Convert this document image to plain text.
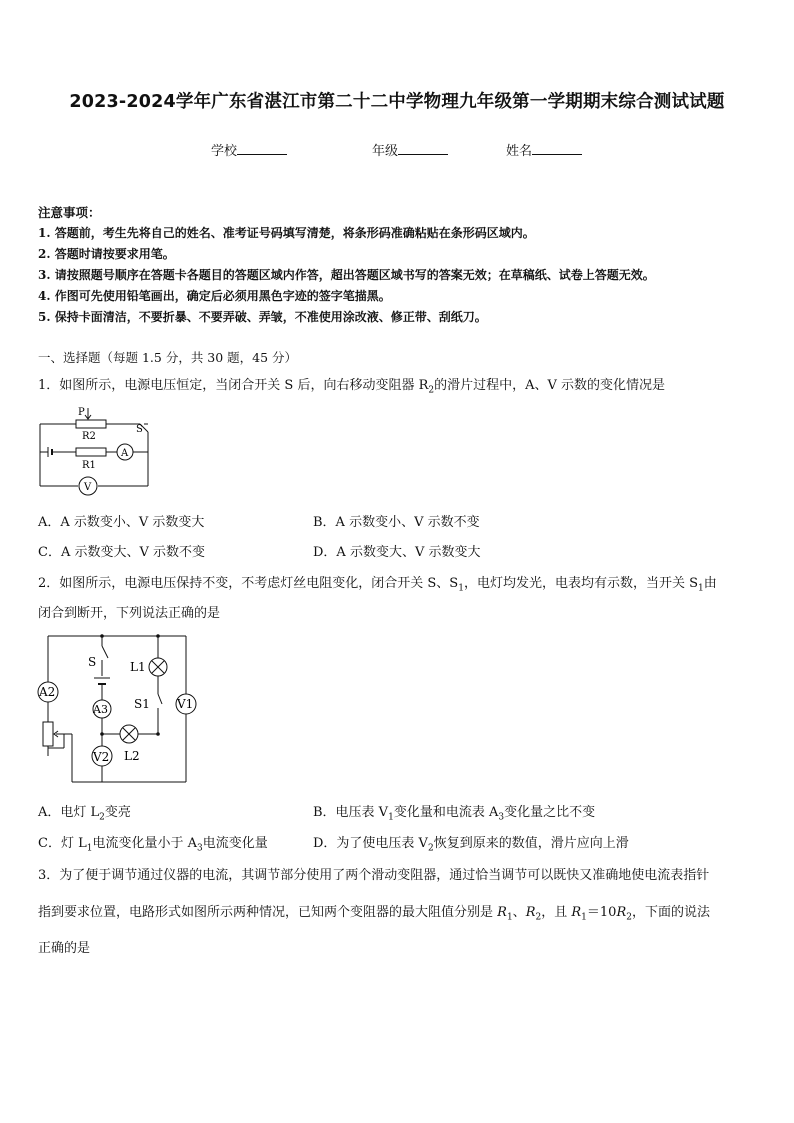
2023-2024学年广东省湛江市第二十二中学物理九年级第一学期期末综合测试试题
学校	年级	姓名
注意事项：
1. 答题前，考生先将自己的姓名、准考证号码填写清楚，将条形码准确粘贴在条形码区域内。
2. 答题时请按要求用笔。
3. 请按照题号顺序在答题卡各题目的答题区域内作答，超出答题区域书写的答案无效；在草稿纸、试卷上答题无效。
4. 作图可先使用铅笔画出，确定后必须用黑色字迹的签字笔描黑。
5. 保持卡面清洁，不要折暴、不要弄破、弄皱，不准使用涂改液、修正带、刮纸刀。
一、选择题（每题 1.5 分，共 30 题，45 分）
1．如图所示，电源电压恒定，当闭合开关 S 后，向右移动变阻器 $R_2$的滑片过程中，A、V 示数的变化情况是
P
R2
S
A
R1
V
A．A 示数变小、V 示数变大	B．A 示数变小、V 示数不变
C．A 示数变大、V 示数不变	D．A 示数变大、V 示数变大
2．如图所示，电源电压保持不变，不考虑灯丝电阻变化，闭合开关 S、$S_1$，电灯均发光，电表均有示数，当开关 $S_1$由
闭合到断开，下列说法正确的是
S	L1
S1
A2
A3	V1
V2 L2
A．电灯 $L_2$变亮	B．电压表 $V_1$变化量和电流表 $A_3$变化量之比不变
C．灯 $L_1$电流变化量小于 $A_3$电流变化量	D．为了使电压表 $V_2$恢复到原来的数值，滑片应向上滑
3．为了便于调节通过仪器的电流，其调节部分使用了两个滑动变阻器，通过恰当调节可以既快又准确地使电流表指针
指到要求位置，电路形式如图所示两种情况，已知两个变阻器的最大阻值分别是 $R_1$、$R_2$，且 $R_1=10R_2$，下面的说法
正确的是
